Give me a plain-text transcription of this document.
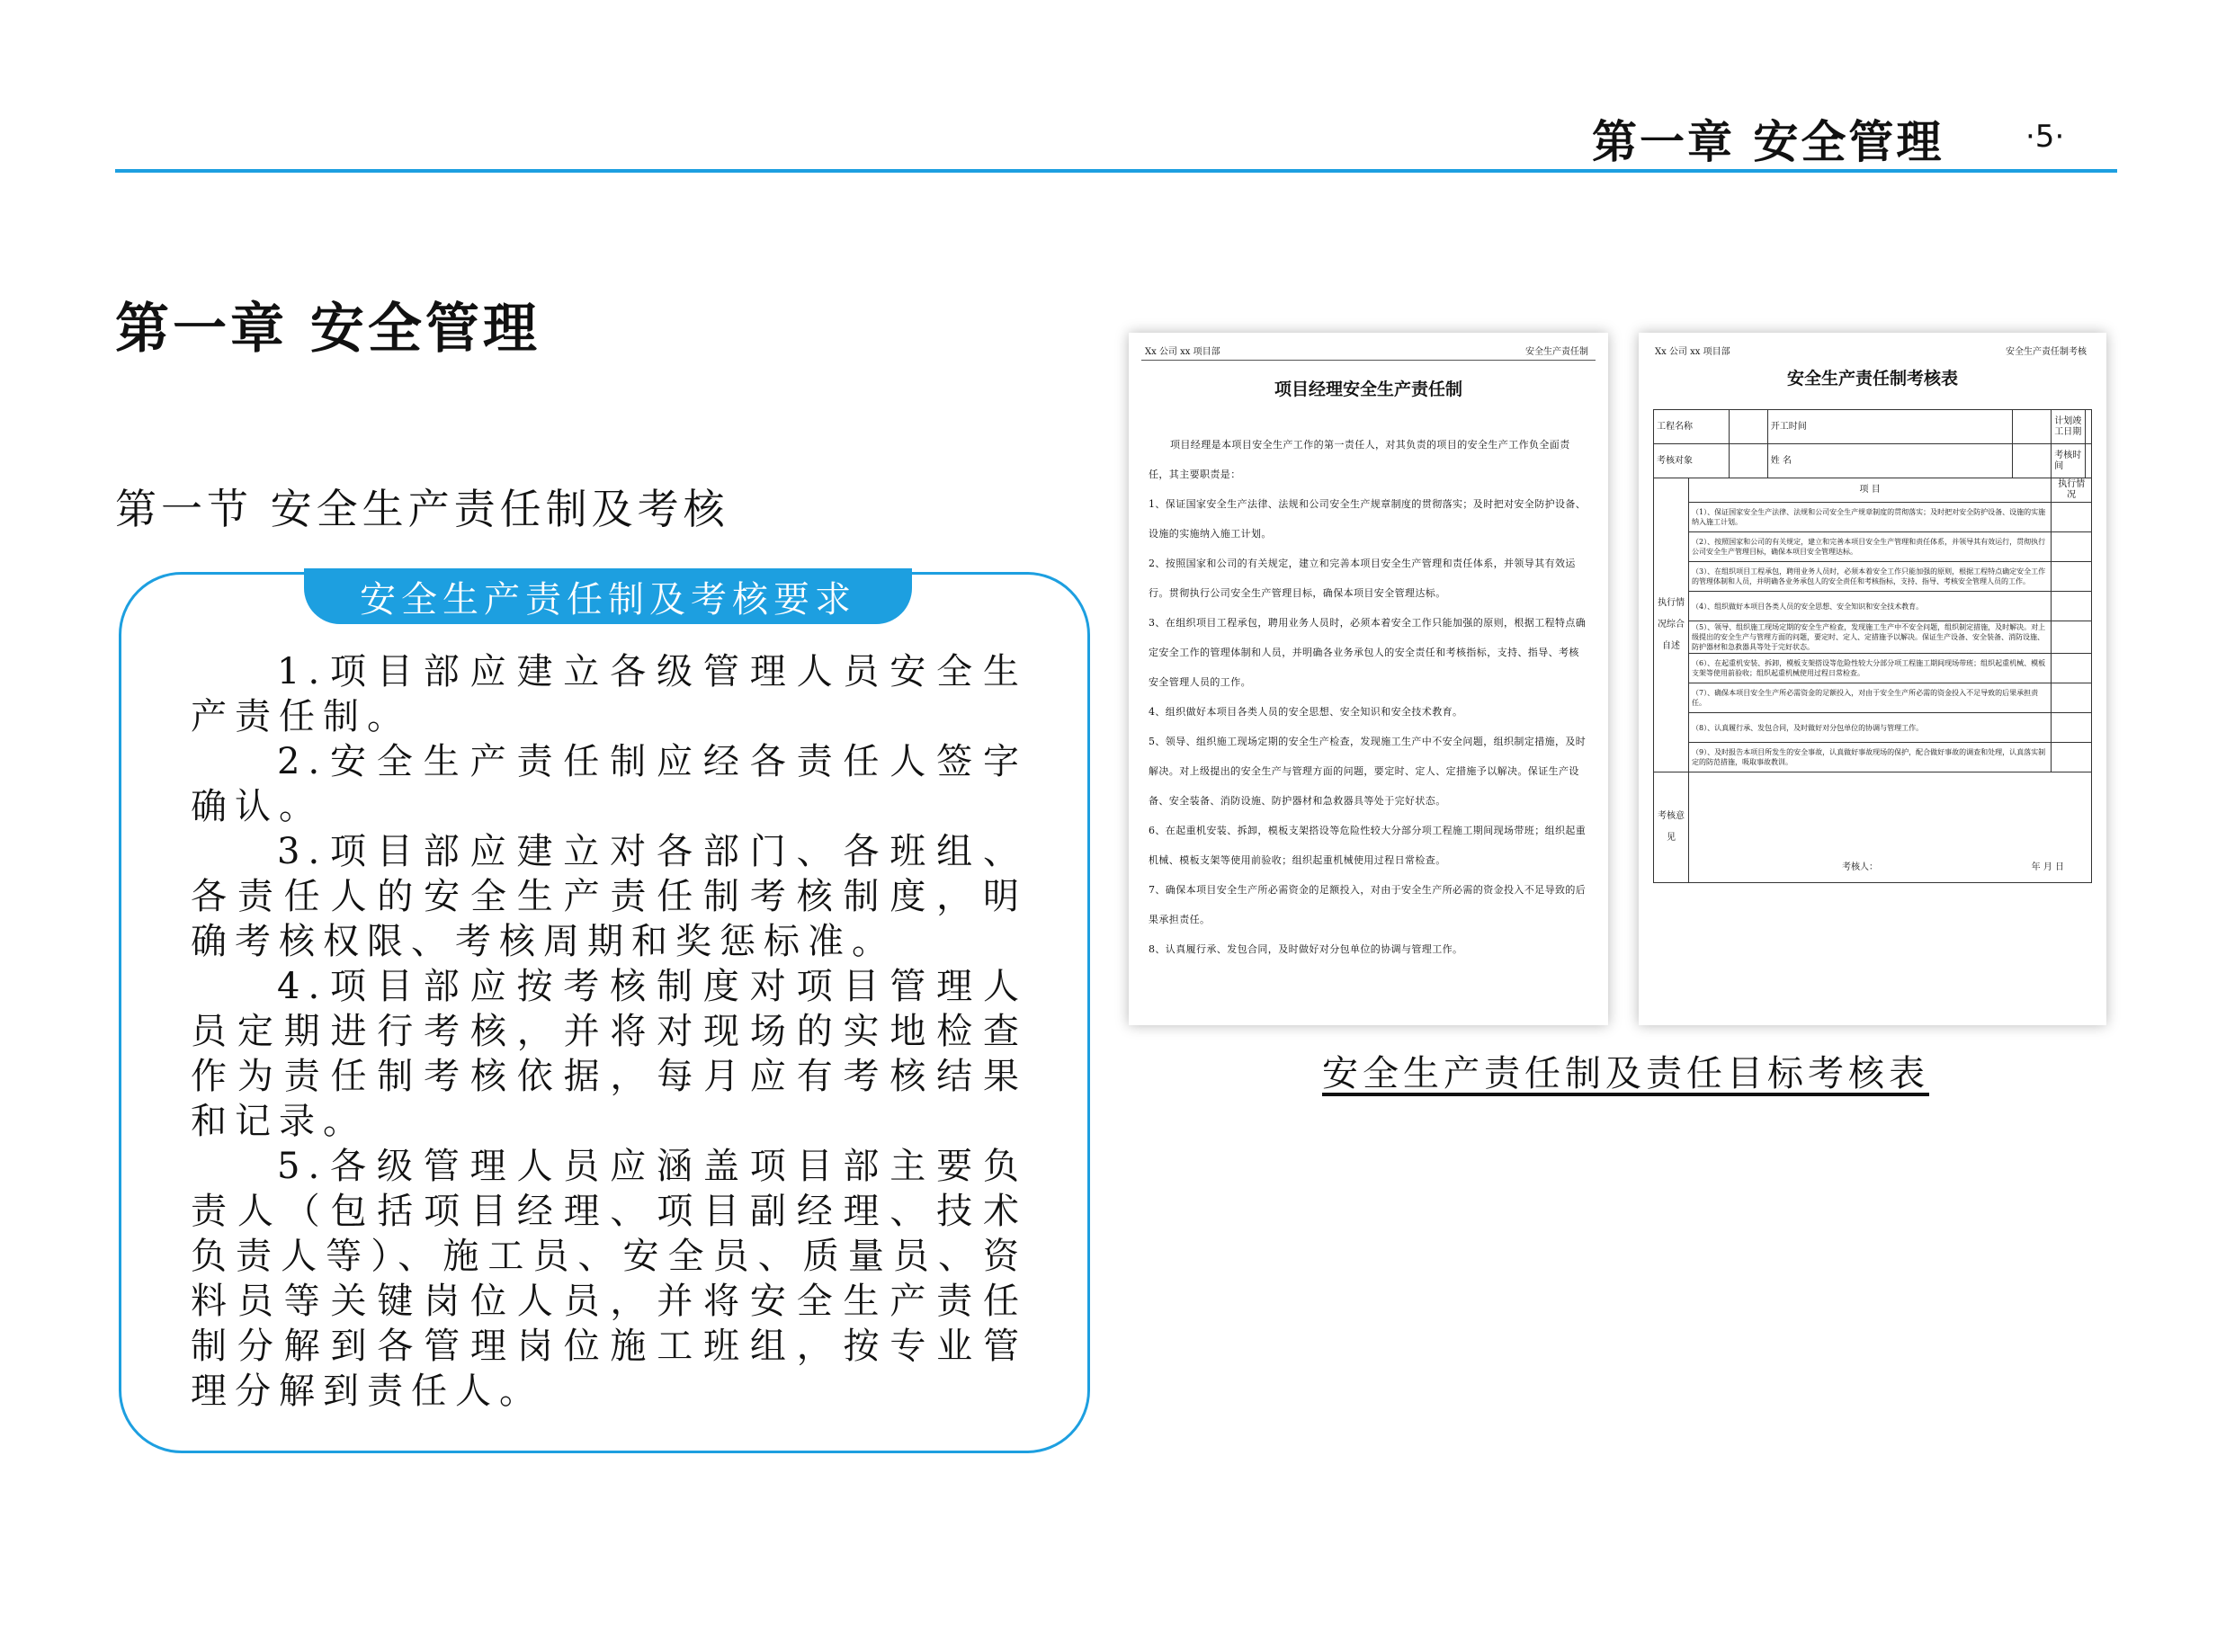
第一章 安全管理	·5·
第一章 安全管理
第一节 安全生产责任制及考核
安全生产责任制及考核要求

1.项目部应建立各级管理人员安全生产责任制。

2.安全生产责任制应经各责任人签字确认。

3.项目部应建立对各部门、各班组、各责任人的安全生产责任制考核制度，明确考核权限、考核周期和奖惩标准。

4.项目部应按考核制度对项目管理人员定期进行考核，并将对现场的实地检查作为责任制考核依据，每月应有考核结果和记录。

5.各级管理人员应涵盖项目部主要负责人（包括项目经理、项目副经理、技术负责人等）、施工员、安全员、质量员、资料员等关键岗位人员，并将安全生产责任制分解到各管理岗位施工班组，按专业管理分解到责任人。

Xx 公司 xx 项目部	安全生产责任制
项目经理安全生产责任制

项目经理是本项目安全生产工作的第一责任人，对其负责的项目的安全生产工作负全面责任，其主要职责是：

1、保证国家安全生产法律、法规和公司安全生产规章制度的贯彻落实；及时把对安全防护设备、设施的实施纳入施工计划。

2、按照国家和公司的有关规定，建立和完善本项目安全生产管理和责任体系，并领导其有效运行。贯彻执行公司安全生产管理目标，确保本项目安全管理达标。

3、在组织项目工程承包，聘用业务人员时，必须本着安全工作只能加强的原则，根据工程特点确定安全工作的管理体制和人员，并明确各业务承包人的安全责任和考核指标，支持、指导、考核安全管理人员的工作。

4、组织做好本项目各类人员的安全思想、安全知识和安全技术教育。

5、领导、组织施工现场定期的安全生产检查，发现施工生产中不安全问题，组织制定措施，及时解决。对上级提出的安全生产与管理方面的问题，要定时、定人、定措施予以解决。保证生产设备、安全装备、消防设施、防护器材和急救器具等处于完好状态。

6、在起重机安装、拆卸，模板支架搭设等危险性较大分部分项工程施工期间现场带班；组织起重机械、模板支架等使用前验收；组织起重机械使用过程日常检查。

7、确保本项目安全生产所必需资金的足额投入，对由于安全生产所必需的资金投入不足导致的后果承担责任。

8、认真履行承、发包合同，及时做好对分包单位的协调与管理工作。

Xx 公司 xx 项目部	安全生产责任制考核
安全生产责任制考核表
工程名称			开工时间		计划竣工日期	
考核对象			姓 名		考核时间	
执行情况综合自述	项 目				执行情况	
	（1）、保证国家安全生产法律、法规和公司安全生产规章制度的贯彻落实；及时把对安全防护设备、设施的实施纳入施工计划。					
	（2）、按照国家和公司的有关规定，建立和完善本项目安全生产管理和责任体系，并领导其有效运行，贯彻执行公司安全生产管理目标，确保本项目安全管理达标。					
	（3）、在组织项目工程承包，聘用业务人员时，必须本着安全工作只能加强的原则，根据工程特点确定安全工作的管理体制和人员，并明确各业务承包人的安全责任和考核指标，支持、指导、考核安全管理人员的工作。					
	（4）、组织做好本项目各类人员的安全思想、安全知识和安全技术教育。					
	（5）、领导、组织施工现场定期的安全生产检查，发现施工生产中不安全问题，组织制定措施，及时解决。对上级提出的安全生产与管理方面的问题，要定时、定人、定措施予以解决。保证生产设备、安全装备、消防设施、防护器材和急救器具等处于完好状态。					
	（6）、在起重机安装、拆卸，模板支架搭设等危险性较大分部分项工程施工期间现场带班；组织起重机械、模板支架等使用前验收；组织起重机械使用过程日常检查。					
	（7）、确保本项目安全生产所必需资金的足额投入，对由于安全生产所必需的资金投入不足导致的后果承担责任。					
	（8）、认真履行承、发包合同，及时做好对分包单位的协调与管理工作。					
	（9）、及时报告本项目所发生的安全事故，认真做好事故现场的保护，配合做好事故的调查和处理，认真落实制定的防范措施，吸取事故教训。					
考核意见	考核人： 年 月 日					
安全生产责任制及责任目标考核表
